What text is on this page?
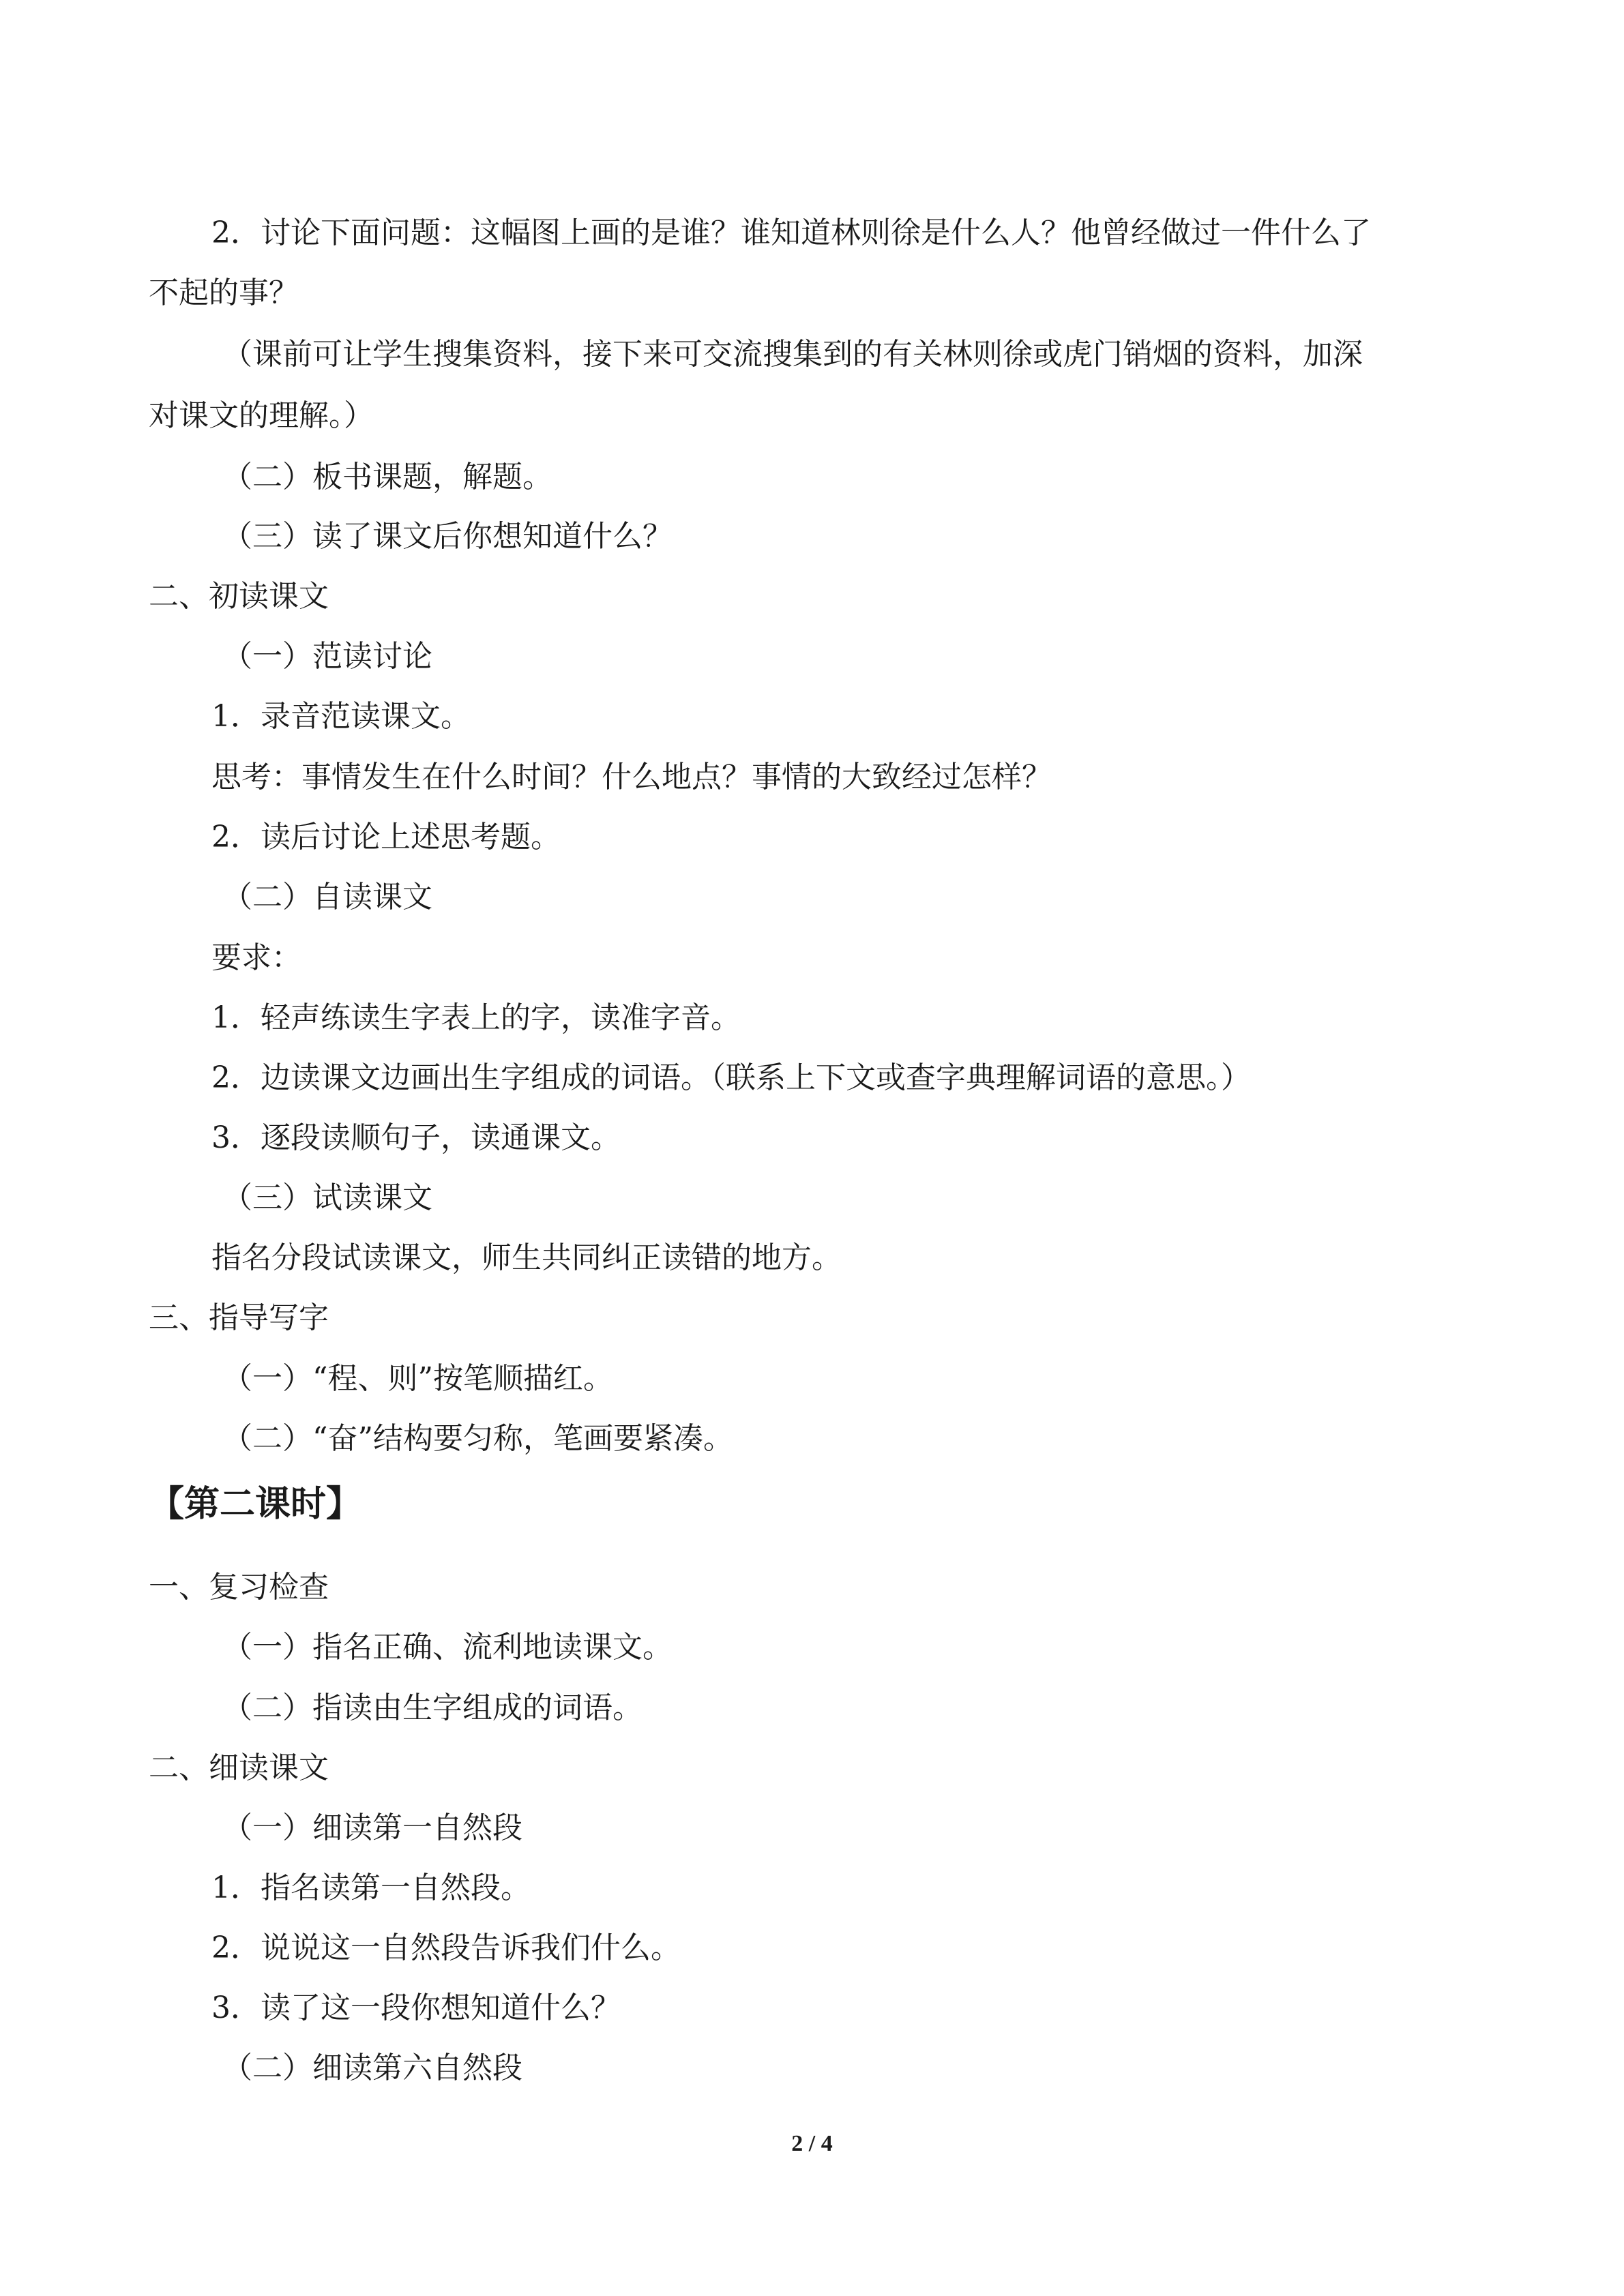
2．讨论下面问题：这幅图上画的是谁？谁知道林则徐是什么人？他曾经做过一件什么了
不起的事？
（课前可让学生搜集资料，接下来可交流搜集到的有关林则徐或虎门销烟的资料，加深
对课文的理解。）
（二）板书课题，解题。
（三）读了课文后你想知道什么？
二、初读课文
（一）范读讨论
1．录音范读课文。
思考：事情发生在什么时间？什么地点？事情的大致经过怎样？
2．读后讨论上述思考题。
（二）自读课文
要求：
1．轻声练读生字表上的字，读准字音。
2．边读课文边画出生字组成的词语。（联系上下文或查字典理解词语的意思。）
3．逐段读顺句子，读通课文。
（三）试读课文
指名分段试读课文，师生共同纠正读错的地方。
三、指导写字
（一）“程、则”按笔顺描红。
（二）“奋”结构要匀称，笔画要紧凑。
【第二课时】
一、复习检查
（一）指名正确、流利地读课文。
（二）指读由生字组成的词语。
二、细读课文
（一）细读第一自然段
1．指名读第一自然段。
2．说说这一自然段告诉我们什么。
3．读了这一段你想知道什么？
（二）细读第六自然段
2 / 4
